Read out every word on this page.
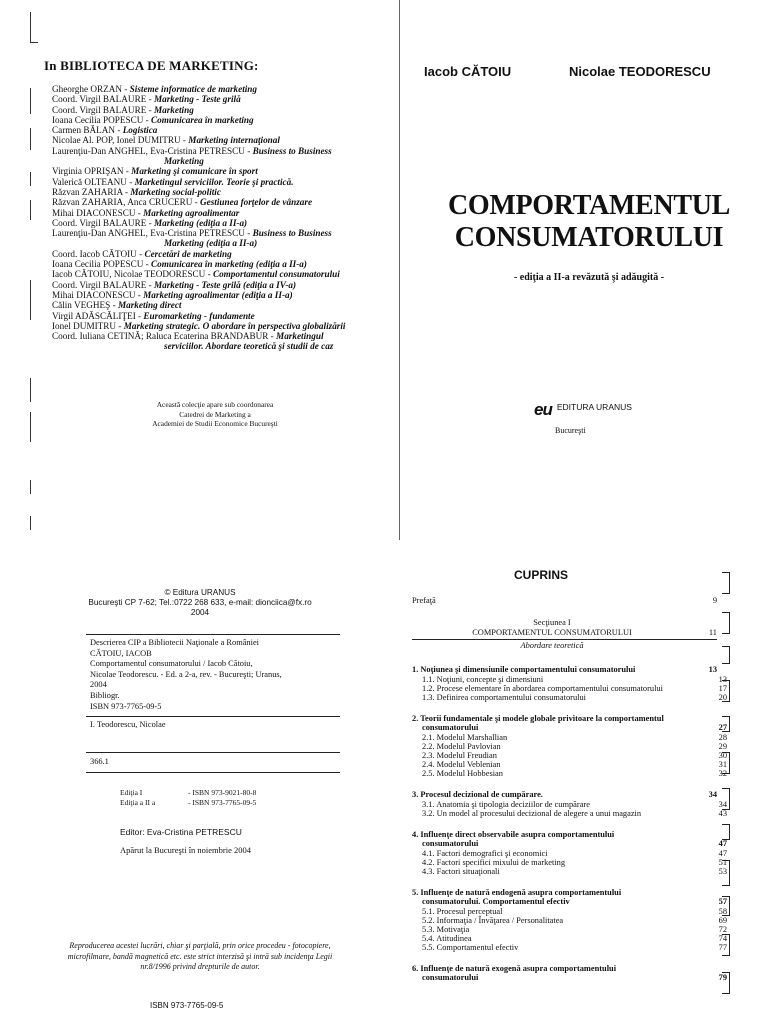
In BIBLIOTECA DE MARKETING:
Gheorghe ORZAN - Sisteme informatice de marketing
Coord. Virgil BALAURE - Marketing - Teste grilă
Coord. Virgil BALAURE - Marketing
Ioana Cecilia POPESCU - Comunicarea în marketing
Carmen BĂLAN - Logistica
Nicolae Al. POP, Ionel DUMITRU - Marketing internaţional
Laurenţiu-Dan ANGHEL, Eva-Cristina PETRESCU - Business to Business
Marketing
Virginia OPRIŞAN - Marketing şi comunicare în sport
Valerică OLTEANU - Marketingul serviciilor. Teorie şi practică.
Răzvan ZAHARIA - Marketing social-politic
Răzvan ZAHARIA, Anca CRUCERU - Gestiunea forţelor de vânzare
Mihai DIACONESCU - Marketing agroalimentar
Coord. Virgil BALAURE - Marketing (ediţia a II-a)
Laurenţiu-Dan ANGHEL, Eva-Cristina PETRESCU - Business to Business
Marketing (ediţia a II-a)
Coord. Iacob CĂTOIU - Cercetări de marketing
Ioana Cecilia POPESCU - Comunicarea în marketing (ediţia a II-a)
Iacob CĂTOIU, Nicolae TEODORESCU - Comportamentul consumatorului
Coord. Virgil BALAURE - Marketing - Teste grilă (ediţia a IV-a)
Mihai DIACONESCU - Marketing agroalimentar (ediţia a II-a)
Călin VEGHEŞ - Marketing direct
Virgil ADĂSCĂLIŢEI - Euromarketing - fundamente
Ionel DUMITRU - Marketing strategic. O abordare în perspectiva globalizării
Coord. Iuliana CETINĂ; Raluca Ecaterina BRANDABUR - Marketingul
serviciilor. Abordare teoretică şi studii de caz
Această colecţie apare sub coordonarea
Catedrei de Marketing a
Academiei de Studii Economice Bucureşti
Iacob CĂTOIU	Nicolae TEODORESCU
COMPORTAMENTUL
CONSUMATORULUI
- ediţia a II-a revăzută şi adăugită -
eu EDITURA URANUS
Bucureşti
© Editura URANUS
Bucureşti CP 7-62; Tel.:0722 268 633, e-mail: dionciica@fx.ro
2004
Descrierea CIP a Bibliotecii Naţionale a României
CĂTOIU, IACOB
Comportamentul consumatorului / Iacob Cătoiu,
Nicolae Teodorescu. - Ed. a 2-a, rev. - Bucureşti; Uranus,
2004
Bibliogr.
ISBN 973-7765-09-5
I. Teodorescu, Nicolae
366.1
Ediţia I	- ISBN 973-9021-80-8
Ediţia a II a	- ISBN 973-7765-09-5
Editor: Eva-Cristina PETRESCU
Apărut la Bucureşti în noiembrie 2004
Reproducerea acestei lucrări, chiar şi parţială, prin orice procedeu - fotocopiere,
microfilmare, bandă magnetică etc. este strict interzisă şi intră sub incidenţa Legii
nr.8/1996 privind drepturile de autor.
ISBN 973-7765-09-5
CUPRINS
Prefaţă	9
Secţiunea I
COMPORTAMENTUL CONSUMATORULUI	11
Abordare teoretică
1. Noţiunea şi dimensiunile comportamentului consumatorului	13
1.1. Noţiuni, concepte şi dimensiuni	13
1.2. Procese elementare în abordarea comportamentului consumatorului	17
1.3. Definirea comportamentului consumatorului	20
2. Teorii fundamentale şi modele globale privitoare la comportamentul
consumatorului	27
2.1. Modelul Marshallian	28
2.2. Modelul Pavlovian	29
2.3. Modelul Freudian	30
2.4. Modelul Veblenian	31
2.5. Modelul Hobbesian	32
3. Procesul decizional de cumpărare.	34
3.1. Anatomia şi tipologia deciziilor de cumpărare	34
3.2. Un model al procesului decizional de alegere a unui magazin	43
4. Influenţe direct observabile asupra comportamentului
consumatorului	47
4.1. Factori demografici şi economici	47
4.2. Factori specifici mixului de marketing	51
4.3. Factori situaţionali	53
5. Influenţe de natură endogenă asupra comportamentului
consumatorului. Comportamentul efectiv	57
5.1. Procesul perceptual	58
5.2. Informaţia / Învăţarea / Personalitatea	69
5.3. Motivaţia	72
5.4. Atitudinea	74
5.5. Comportamentul efectiv	77
6. Influenţe de natură exogenă asupra comportamentului
consumatorului	79
